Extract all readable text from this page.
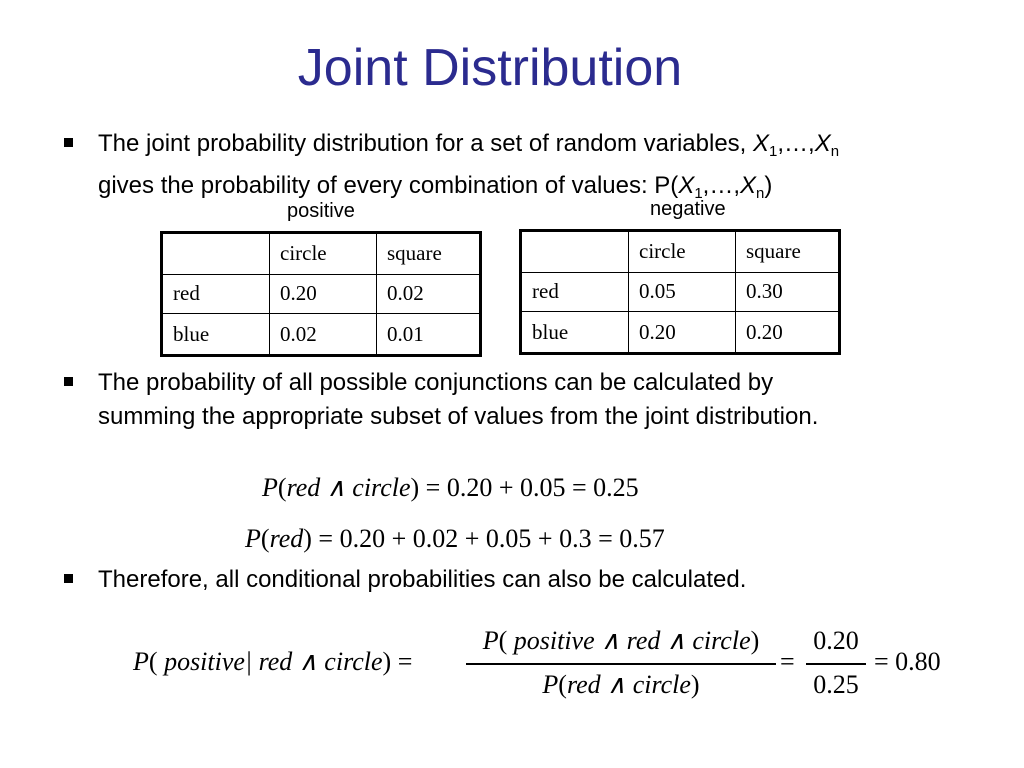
Joint Distribution
The joint probability distribution for a set of random variables, $X_1,\dots,X_n$
gives the probability of every combination of values: $P(X_1,\dots,X_n)$
positive	negative
	circle	square
red	0.20	0.02
blue	0.02	0.01
	circle	square
red	0.05	0.30
blue	0.20	0.20
The probability of all possible conjunctions can be calculated by
summing the appropriate subset of values from the joint distribution.
P(red ∧ circle) = 0.20 + 0.05 = 0.25
P(red) = 0.20 + 0.02 + 0.05 + 0.3 = 0.57
Therefore, all conditional probabilities can also be calculated.
P( positive| red ∧ circle) =
P( positive ∧ red ∧ circle)
P(red ∧ circle)
=
0.20
0.25
= 0.80
